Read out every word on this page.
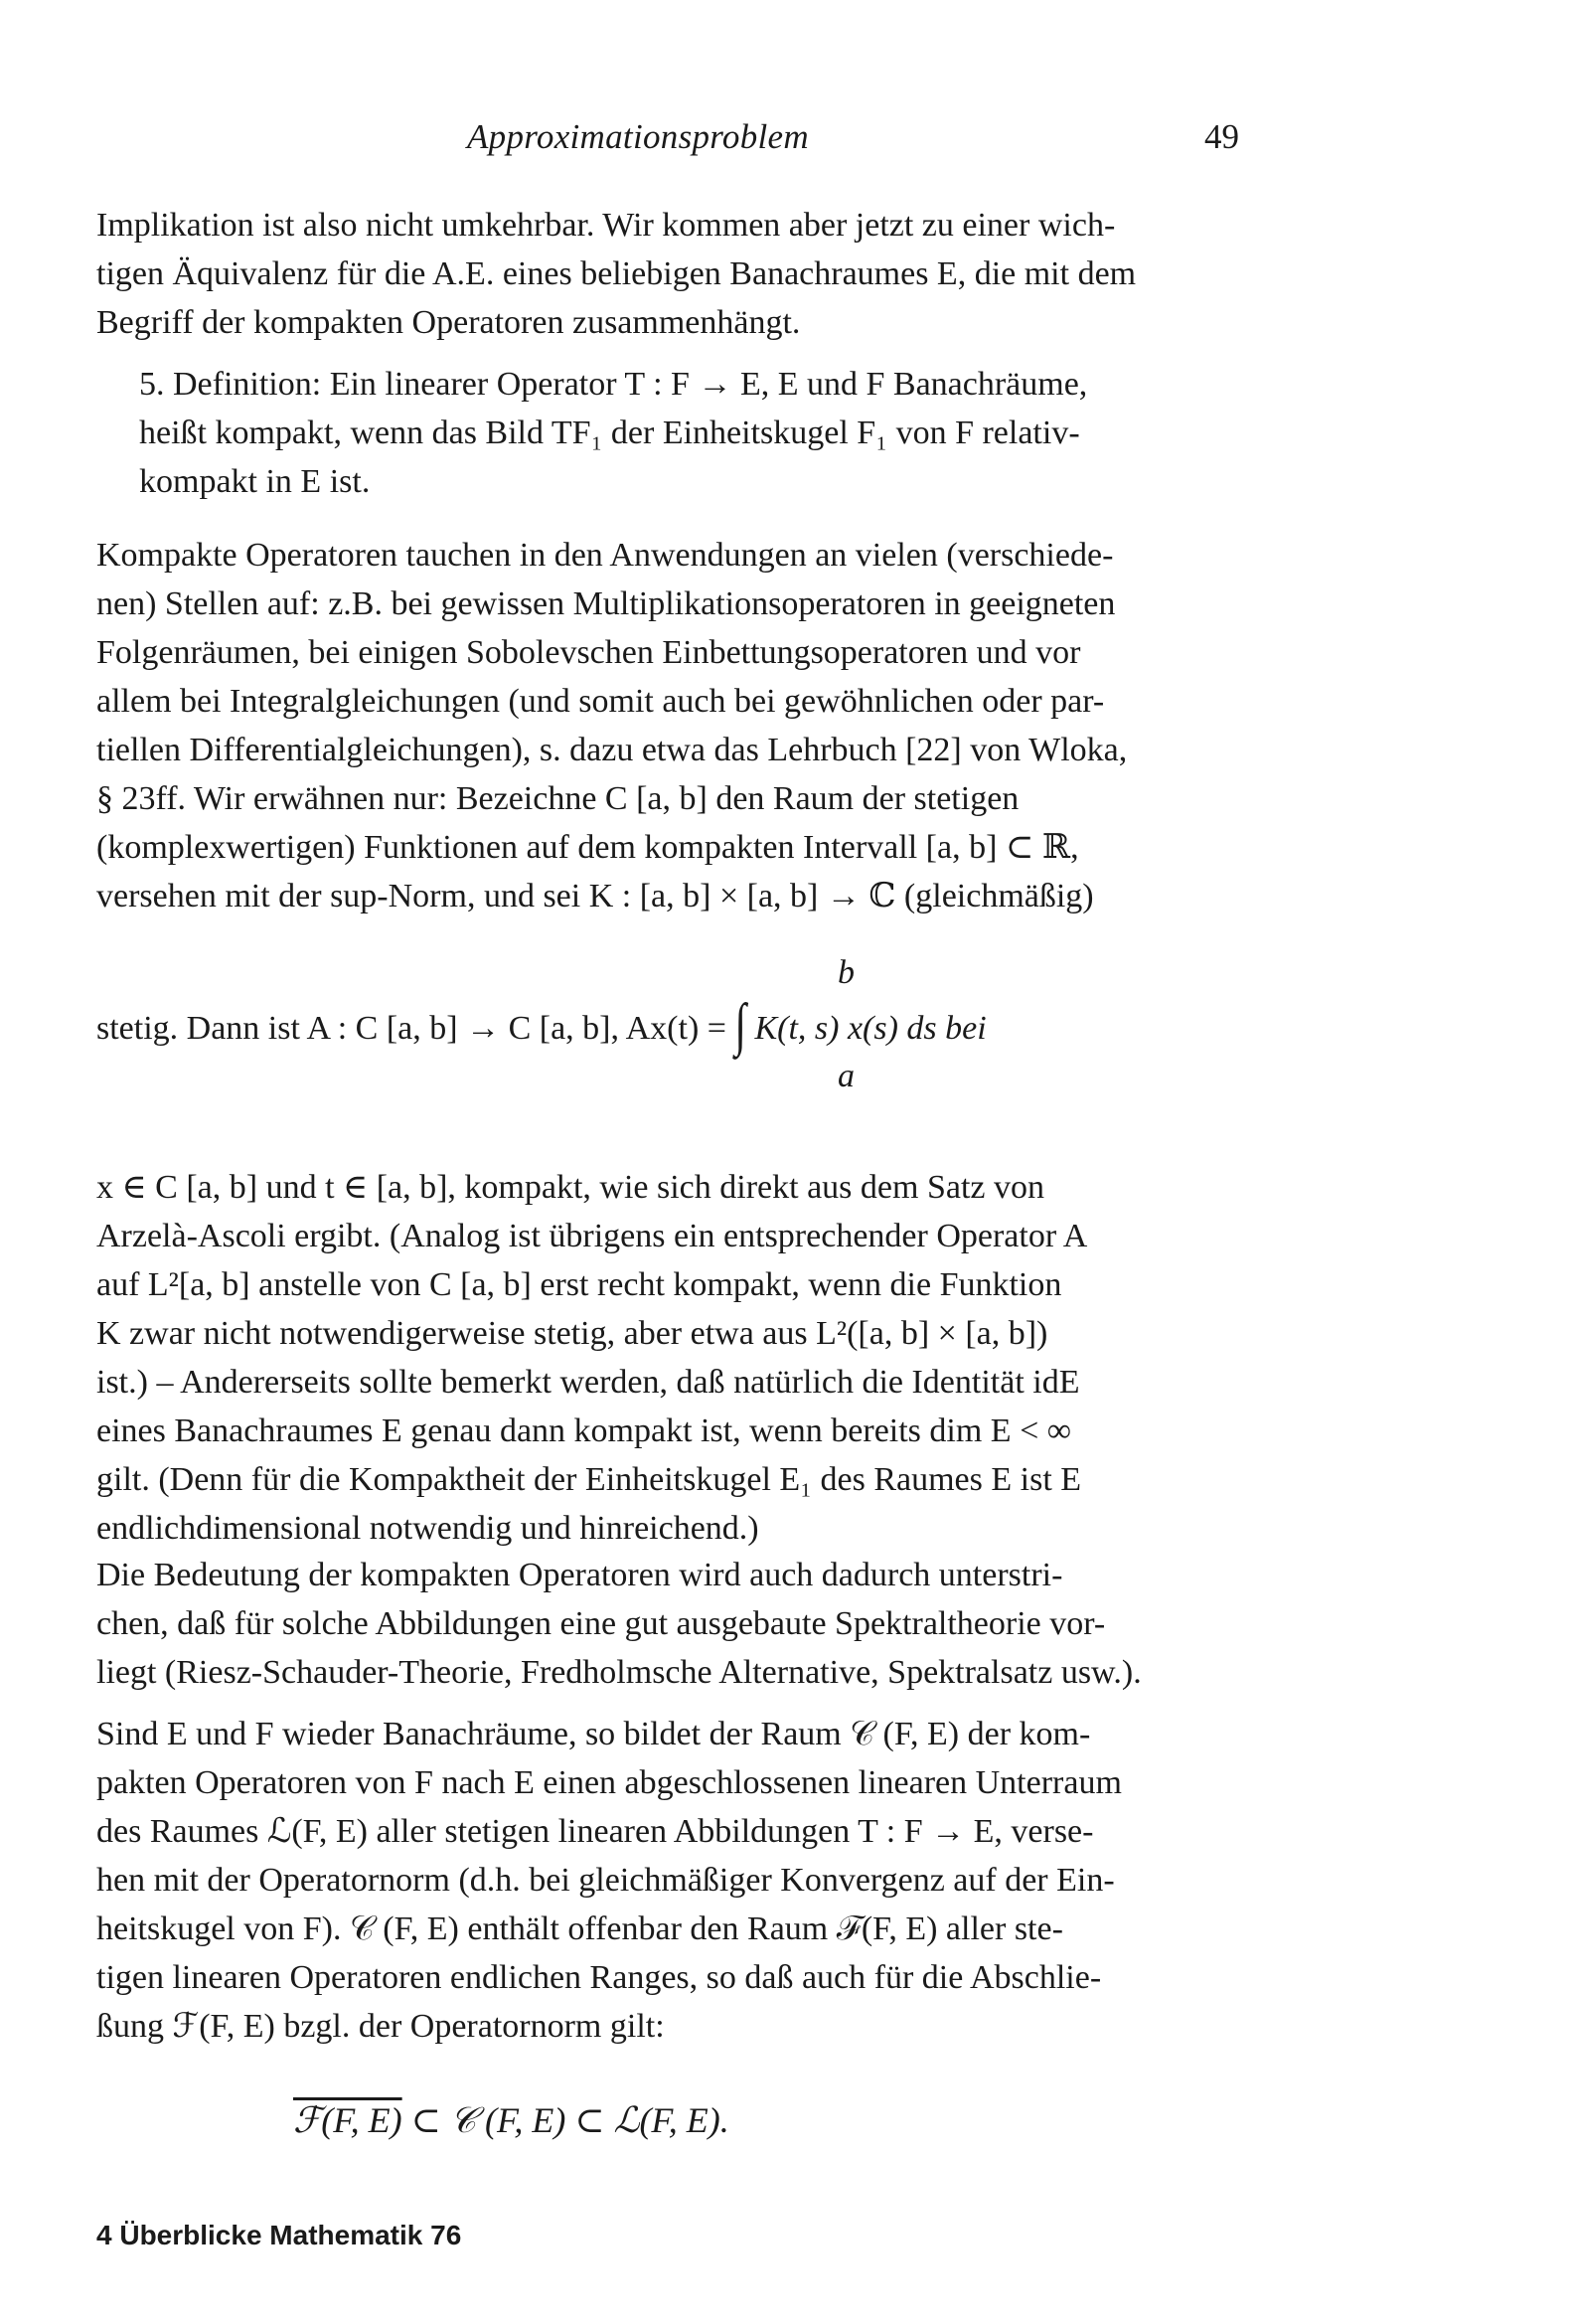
Approximationsproblem	49
Implikation ist also nicht umkehrbar. Wir kommen aber jetzt zu einer wich-
tigen Äquivalenz für die A.E. eines beliebigen Banachraumes E, die mit dem
Begriff der kompakten Operatoren zusammenhängt.
5. Definition: Ein linearer Operator T : F → E, E und F Banachräume,
heißt kompakt, wenn das Bild TF₁ der Einheitskugel F₁ von F relativ-
kompakt in E ist.
Kompakte Operatoren tauchen in den Anwendungen an vielen (verschiede-
nen) Stellen auf: z.B. bei gewissen Multiplikationsoperatoren in geeigneten
Folgenräumen, bei einigen Sobolevschen Einbettungsoperatoren und vor
allem bei Integralgleichungen (und somit auch bei gewöhnlichen oder par-
tiellen Differentialgleichungen), s. dazu etwa das Lehrbuch [22] von Wloka,
§ 23ff. Wir erwähnen nur: Bezeichne C [a, b] den Raum der stetigen
(komplexwertigen) Funktionen auf dem kompakten Intervall [a, b] ⊂ ℝ,
versehen mit der sup-Norm, und sei K : [a, b] × [a, b] → ℂ (gleichmäßig)
b
stetig. Dann ist A : C [a, b] → C [a, b], Ax(t) = ∫ K(t, s) x(s) ds bei
a
x ∈ C [a, b] und t ∈ [a, b], kompakt, wie sich direkt aus dem Satz von
Arzelà-Ascoli ergibt. (Analog ist übrigens ein entsprechender Operator A
auf L²[a, b] anstelle von C [a, b] erst recht kompakt, wenn die Funktion
K zwar nicht notwendigerweise stetig, aber etwa aus L²([a, b] × [a, b])
ist.) – Andererseits sollte bemerkt werden, daß natürlich die Identität idE
eines Banachraumes E genau dann kompakt ist, wenn bereits dim E < ∞
gilt. (Denn für die Kompaktheit der Einheitskugel E₁ des Raumes E ist E
endlichdimensional notwendig und hinreichend.)
Die Bedeutung der kompakten Operatoren wird auch dadurch unterstri-
chen, daß für solche Abbildungen eine gut ausgebaute Spektraltheorie vor-
liegt (Riesz-Schauder-Theorie, Fredholmsche Alternative, Spektralsatz usw.).
Sind E und F wieder Banachräume, so bildet der Raum 𝒞 (F, E) der kom-
pakten Operatoren von F nach E einen abgeschlossenen linearen Unterraum
des Raumes ℒ(F, E) aller stetigen linearen Abbildungen T : F → E, verse-
hen mit der Operatornorm (d.h. bei gleichmäßiger Konvergenz auf der Ein-
heitskugel von F). 𝒞 (F, E) enthält offenbar den Raum ℱ(F, E) aller ste-
tigen linearen Operatoren endlichen Ranges, so daß auch für die Abschlie-
ßung ℱ(F, E) bzgl. der Operatornorm gilt:
ℱ(F, E) ⊂ 𝒞 (F, E) ⊂ ℒ(F, E).
4 Überblicke Mathematik 76
